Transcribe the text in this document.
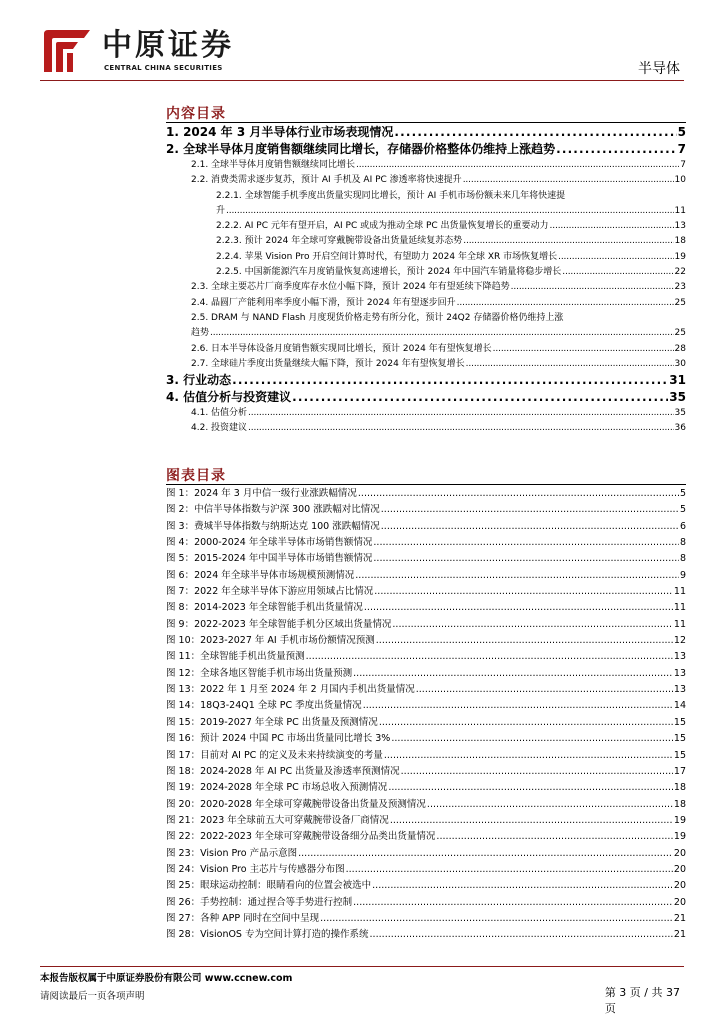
中原证券
CENTRAL CHINA SECURITIES	半导体
内容目录
1. 2024 年 3 月半导体行业市场表现情况 . . .	5
2. 全球半导体月度销售额继续同比增长，存储器价格整体仍维持上涨趋势 . . .	7
2.1. 全球半导体月度销售额继续同比增长 . . .	7
2.2. 消费类需求逐步复苏，预计 AI 手机及 AI PC 渗透率将快速提升 . . .	10
2.2.1. 全球智能手机季度出货量实现同比增长，预计 AI 手机市场份额未来几年将快速提
升 . . .	11
2.2.2. AI PC 元年有望开启，AI PC 或成为推动全球 PC 出货量恢复增长的重要动力 . . .	13
2.2.3. 预计 2024 年全球可穿戴腕带设备出货量延续复苏态势 . . .	18
2.2.4. 苹果 Vision Pro 开启空间计算时代，有望助力 2024 年全球 XR 市场恢复增长 . . .	19
2.2.5. 中国新能源汽车月度销量恢复高速增长，预计 2024 年中国汽车销量将稳步增长 . . .	22
2.3. 全球主要芯片厂商季度库存水位小幅下降，预计 2024 年有望延续下降趋势 . . .	23
2.4. 晶圆厂产能利用率季度小幅下滑，预计 2024 年有望逐步回升 . . .	25
2.5. DRAM 与 NAND Flash 月度现货价格走势有所分化，预计 24Q2 存储器价格仍维持上涨
趋势 . . .	25
2.6. 日本半导体设备月度销售额实现同比增长，预计 2024 年有望恢复增长 . . .	28
2.7. 全球硅片季度出货量继续大幅下降，预计 2024 年有望恢复增长 . . .	30
3. 行业动态 . . .	31
4. 估值分析与投资建议 . . .	35
4.1. 估值分析 . . .	35
4.2. 投资建议 . . .	36
图表目录
图 1：2024 年 3 月中信一级行业涨跌幅情况 . . .	5
图 2：中信半导体指数与沪深 300 涨跌幅对比情况 . . .	5
图 3：费城半导体指数与纳斯达克 100 涨跌幅情况 . . .	6
图 4：2000-2024 年全球半导体市场销售额情况 . . .	8
图 5：2015-2024 年中国半导体市场销售额情况 . . .	8
图 6：2024 年全球半导体市场规模预测情况 . . .	9
图 7：2022 年全球半导体下游应用领域占比情况 . . .	11
图 8：2014-2023 年全球智能手机出货量情况 . . .	11
图 9：2022-2023 年全球智能手机分区域出货量情况 . . .	11
图 10：2023-2027 年 AI 手机市场份额情况预测 . . .	12
图 11：全球智能手机出货量预测 . . .	13
图 12：全球各地区智能手机市场出货量预测 . . .	13
图 13：2022 年 1 月至 2024 年 2 月国内手机出货量情况 . . .	13
图 14：18Q3-24Q1 全球 PC 季度出货量情况 . . .	14
图 15：2019-2027 年全球 PC 出货量及预测情况 . . .	15
图 16：预计 2024 中国 PC 市场出货量同比增长 3% . . .	15
图 17：目前对 AI PC 的定义及未来持续演变的考量 . . .	15
图 18：2024-2028 年 AI PC 出货量及渗透率预测情况 . . .	17
图 19：2024-2028 年全球 PC 市场总收入预测情况 . . .	18
图 20：2020-2028 年全球可穿戴腕带设备出货量及预测情况 . . .	18
图 21：2023 年全球前五大可穿戴腕带设备厂商情况 . . .	19
图 22：2022-2023 年全球可穿戴腕带设备细分品类出货量情况 . . .	19
图 23：Vision Pro 产品示意图 . . .	20
图 24：Vision Pro 主芯片与传感器分布图 . . .	20
图 25：眼球运动控制：眼睛看向的位置会被选中 . . .	20
图 26：手势控制：通过捏合等手势进行控制 . . .	20
图 27：各种 APP 同时在空间中呈现 . . .	21
图 28：VisionOS 专为空间计算打造的操作系统 . . .	21
本报告版权属于中原证券股份有限公司 www.ccnew.com
请阅读最后一页各项声明	第 3 页 / 共 37
页
